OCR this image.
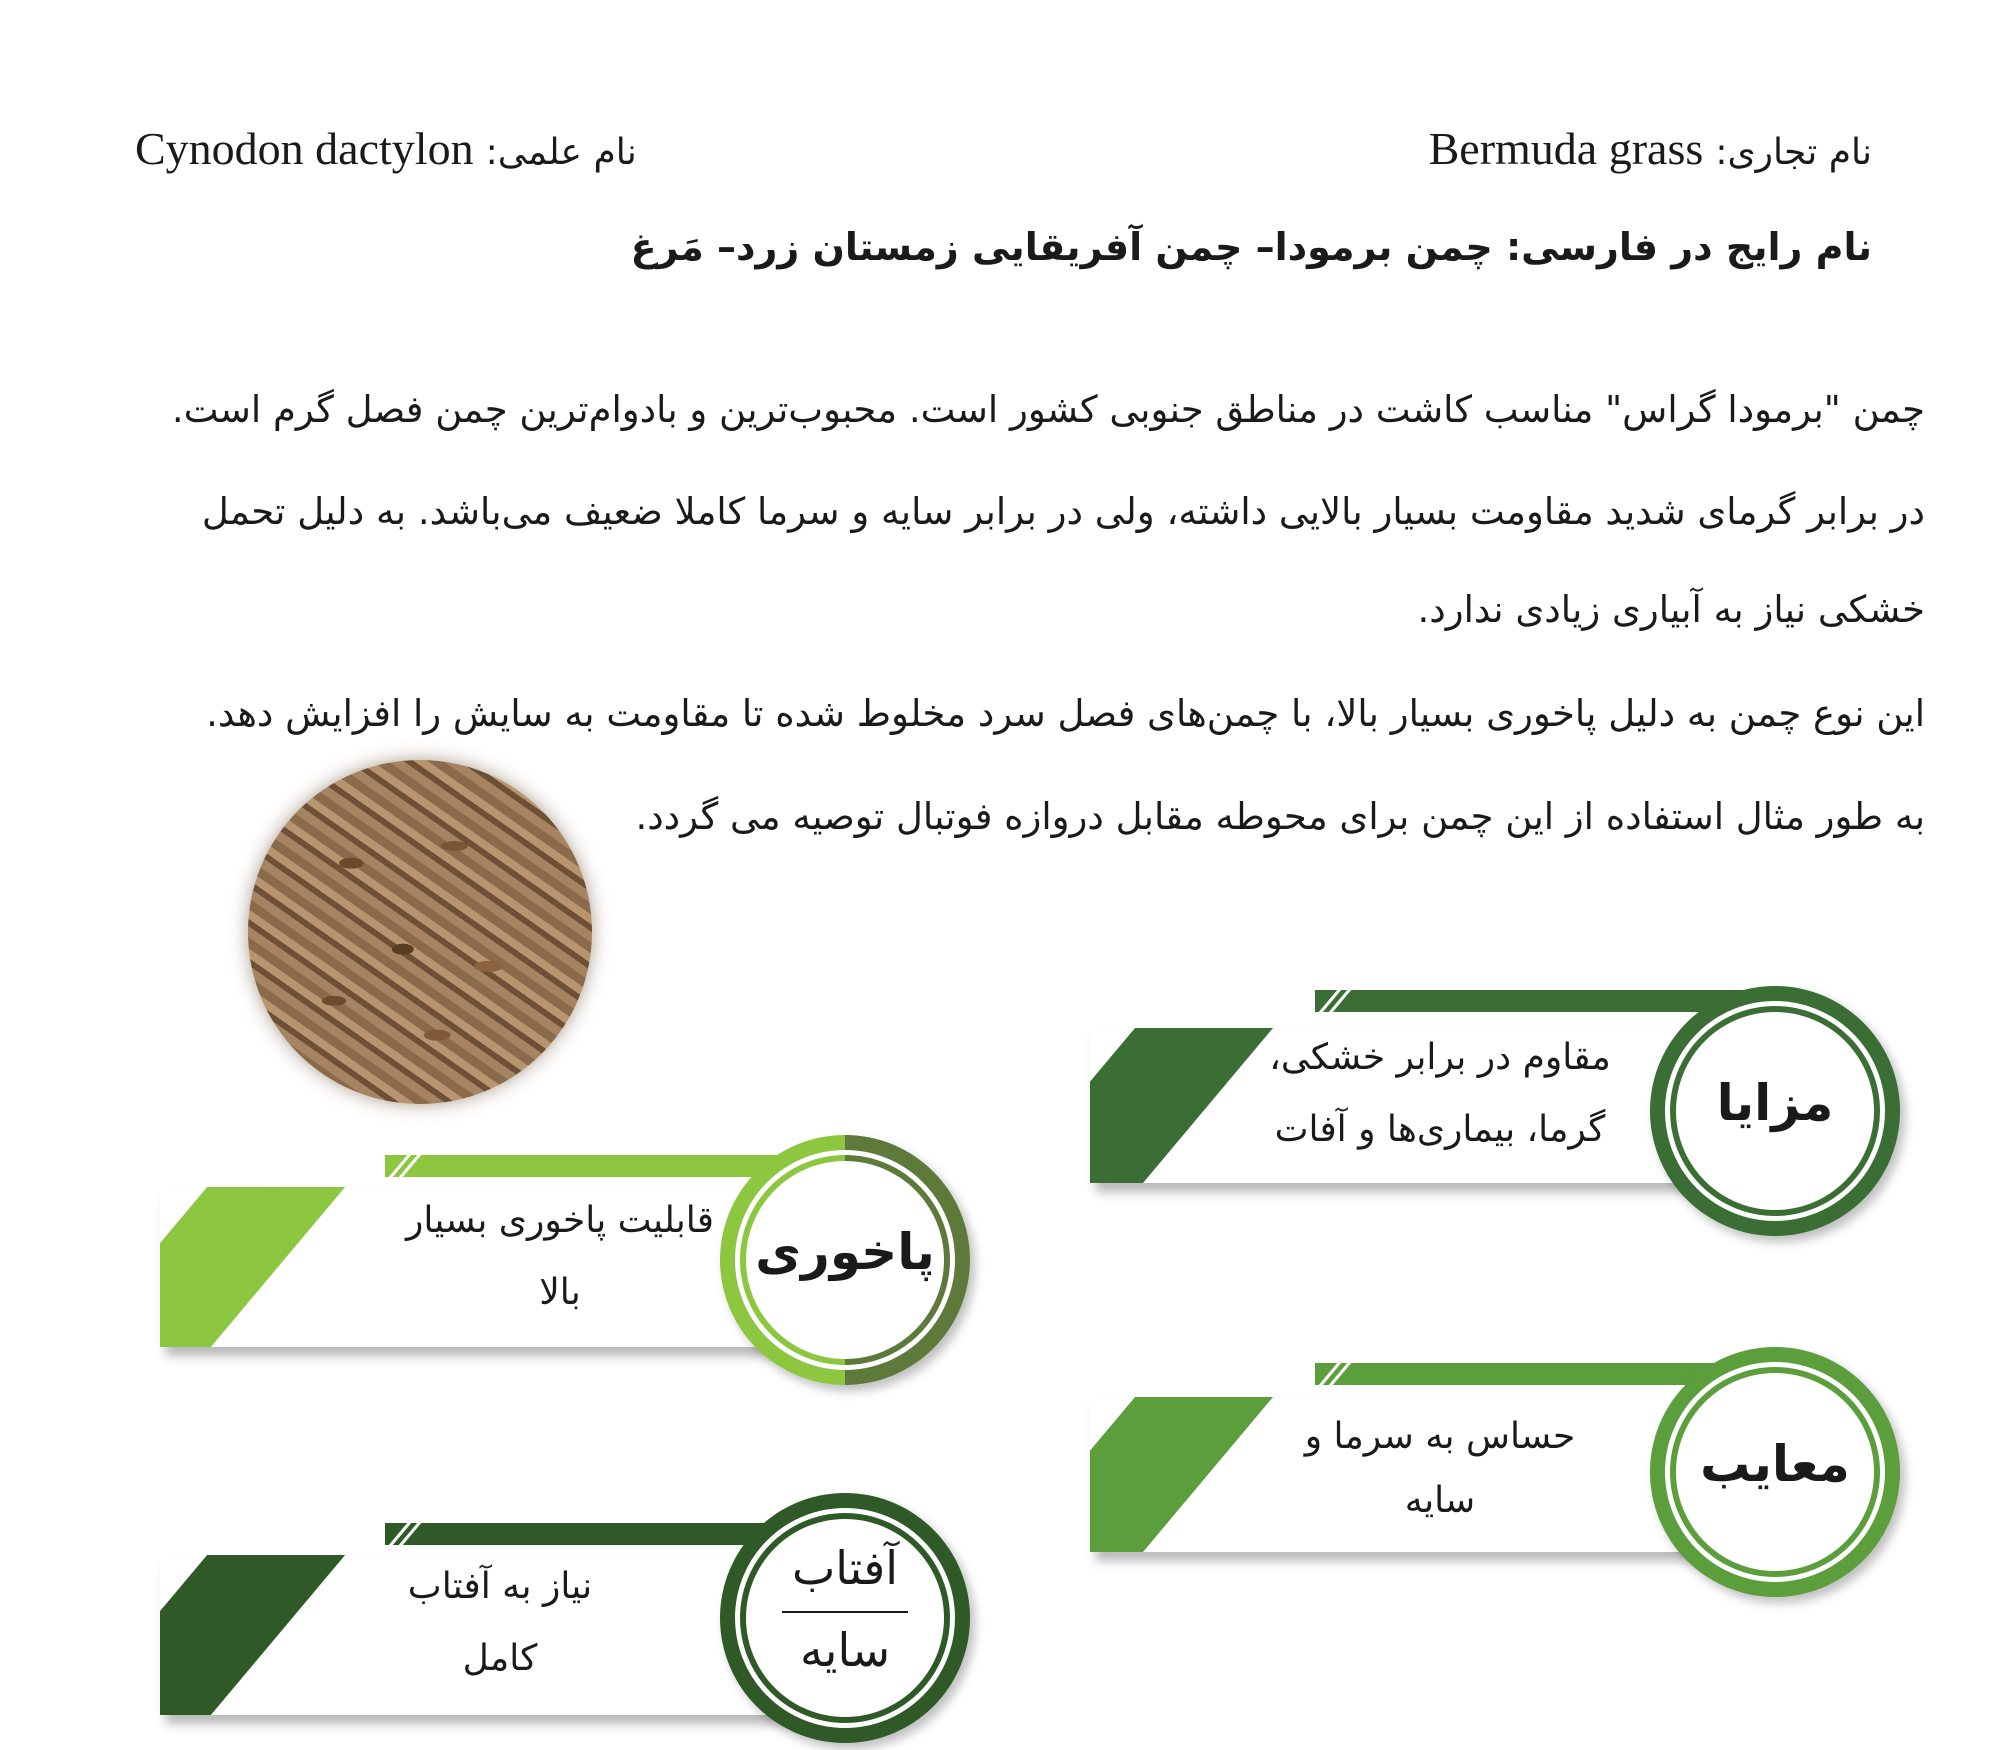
نام تجاری: Bermuda grass
نام علمی: Cynodon dactylon
نام رایج در فارسی: چمن برمودا– چمن آفریقایی زمستان زرد– مَرغ
چمن "برمودا گراس" مناسب کاشت در مناطق جنوبی کشور است. محبوب‌ترین و بادوام‌ترین چمن فصل گرم است.
در برابر گرمای شدید مقاومت بسیار بالایی داشته، ولی در برابر سایه و سرما کاملا ضعیف می‌باشد. به دلیل تحمل
خشکی نیاز به آبیاری زیادی ندارد.
این نوع چمن به دلیل پاخوری بسیار بالا، با چمن‌های فصل سرد مخلوط شده تا مقاومت به سایش را افزایش دهد.
به طور مثال استفاده از این چمن برای محوطه مقابل دروازه فوتبال توصیه می گردد.
مقاوم در برابر خشکی،
گرما، بیماری‌ها و آفات	مزایا
قابلیت پاخوری بسیار
بالا
پاخوری
حساس به سرما و
سایه
معایب
نیاز به آفتاب
کامل
آفتاب
سایه
